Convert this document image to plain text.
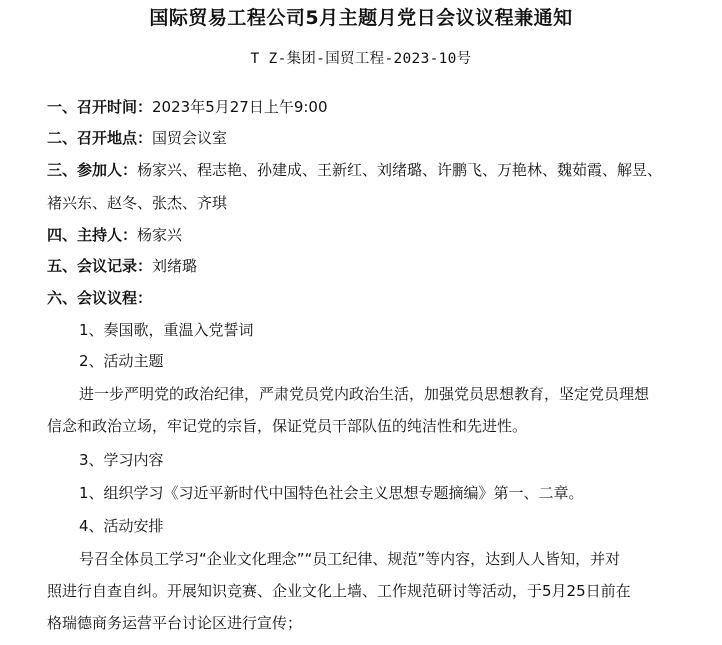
国际贸易工程公司5月主题月党日会议议程兼通知
T Z-集团-国贸工程-2023-10号
一、召开时间：2023年5月27日上午9:00
二、召开地点：国贸会议室
三、参加人：杨家兴、程志艳、孙建成、王新红、刘绪璐、许鹏飞、万艳林、魏茹霞、解昱、
褚兴东、赵冬、张杰、齐琪
四、主持人：杨家兴
五、会议记录：刘绪璐
六、会议议程：
1、奏国歌，重温入党誓词
2、活动主题
进一步严明党的政治纪律，严肃党员党内政治生活，加强党员思想教育，坚定党员理想
信念和政治立场，牢记党的宗旨，保证党员干部队伍的纯洁性和先进性。
3、学习内容
1、组织学习《习近平新时代中国特色社会主义思想专题摘编》第一、二章。
4、活动安排
号召全体员工学习“企业文化理念”“员工纪律、规范”等内容，达到人人皆知，并对
照进行自查自纠。开展知识竞赛、企业文化上墙、工作规范研讨等活动，于5月25日前在
格瑞德商务运营平台讨论区进行宣传；
